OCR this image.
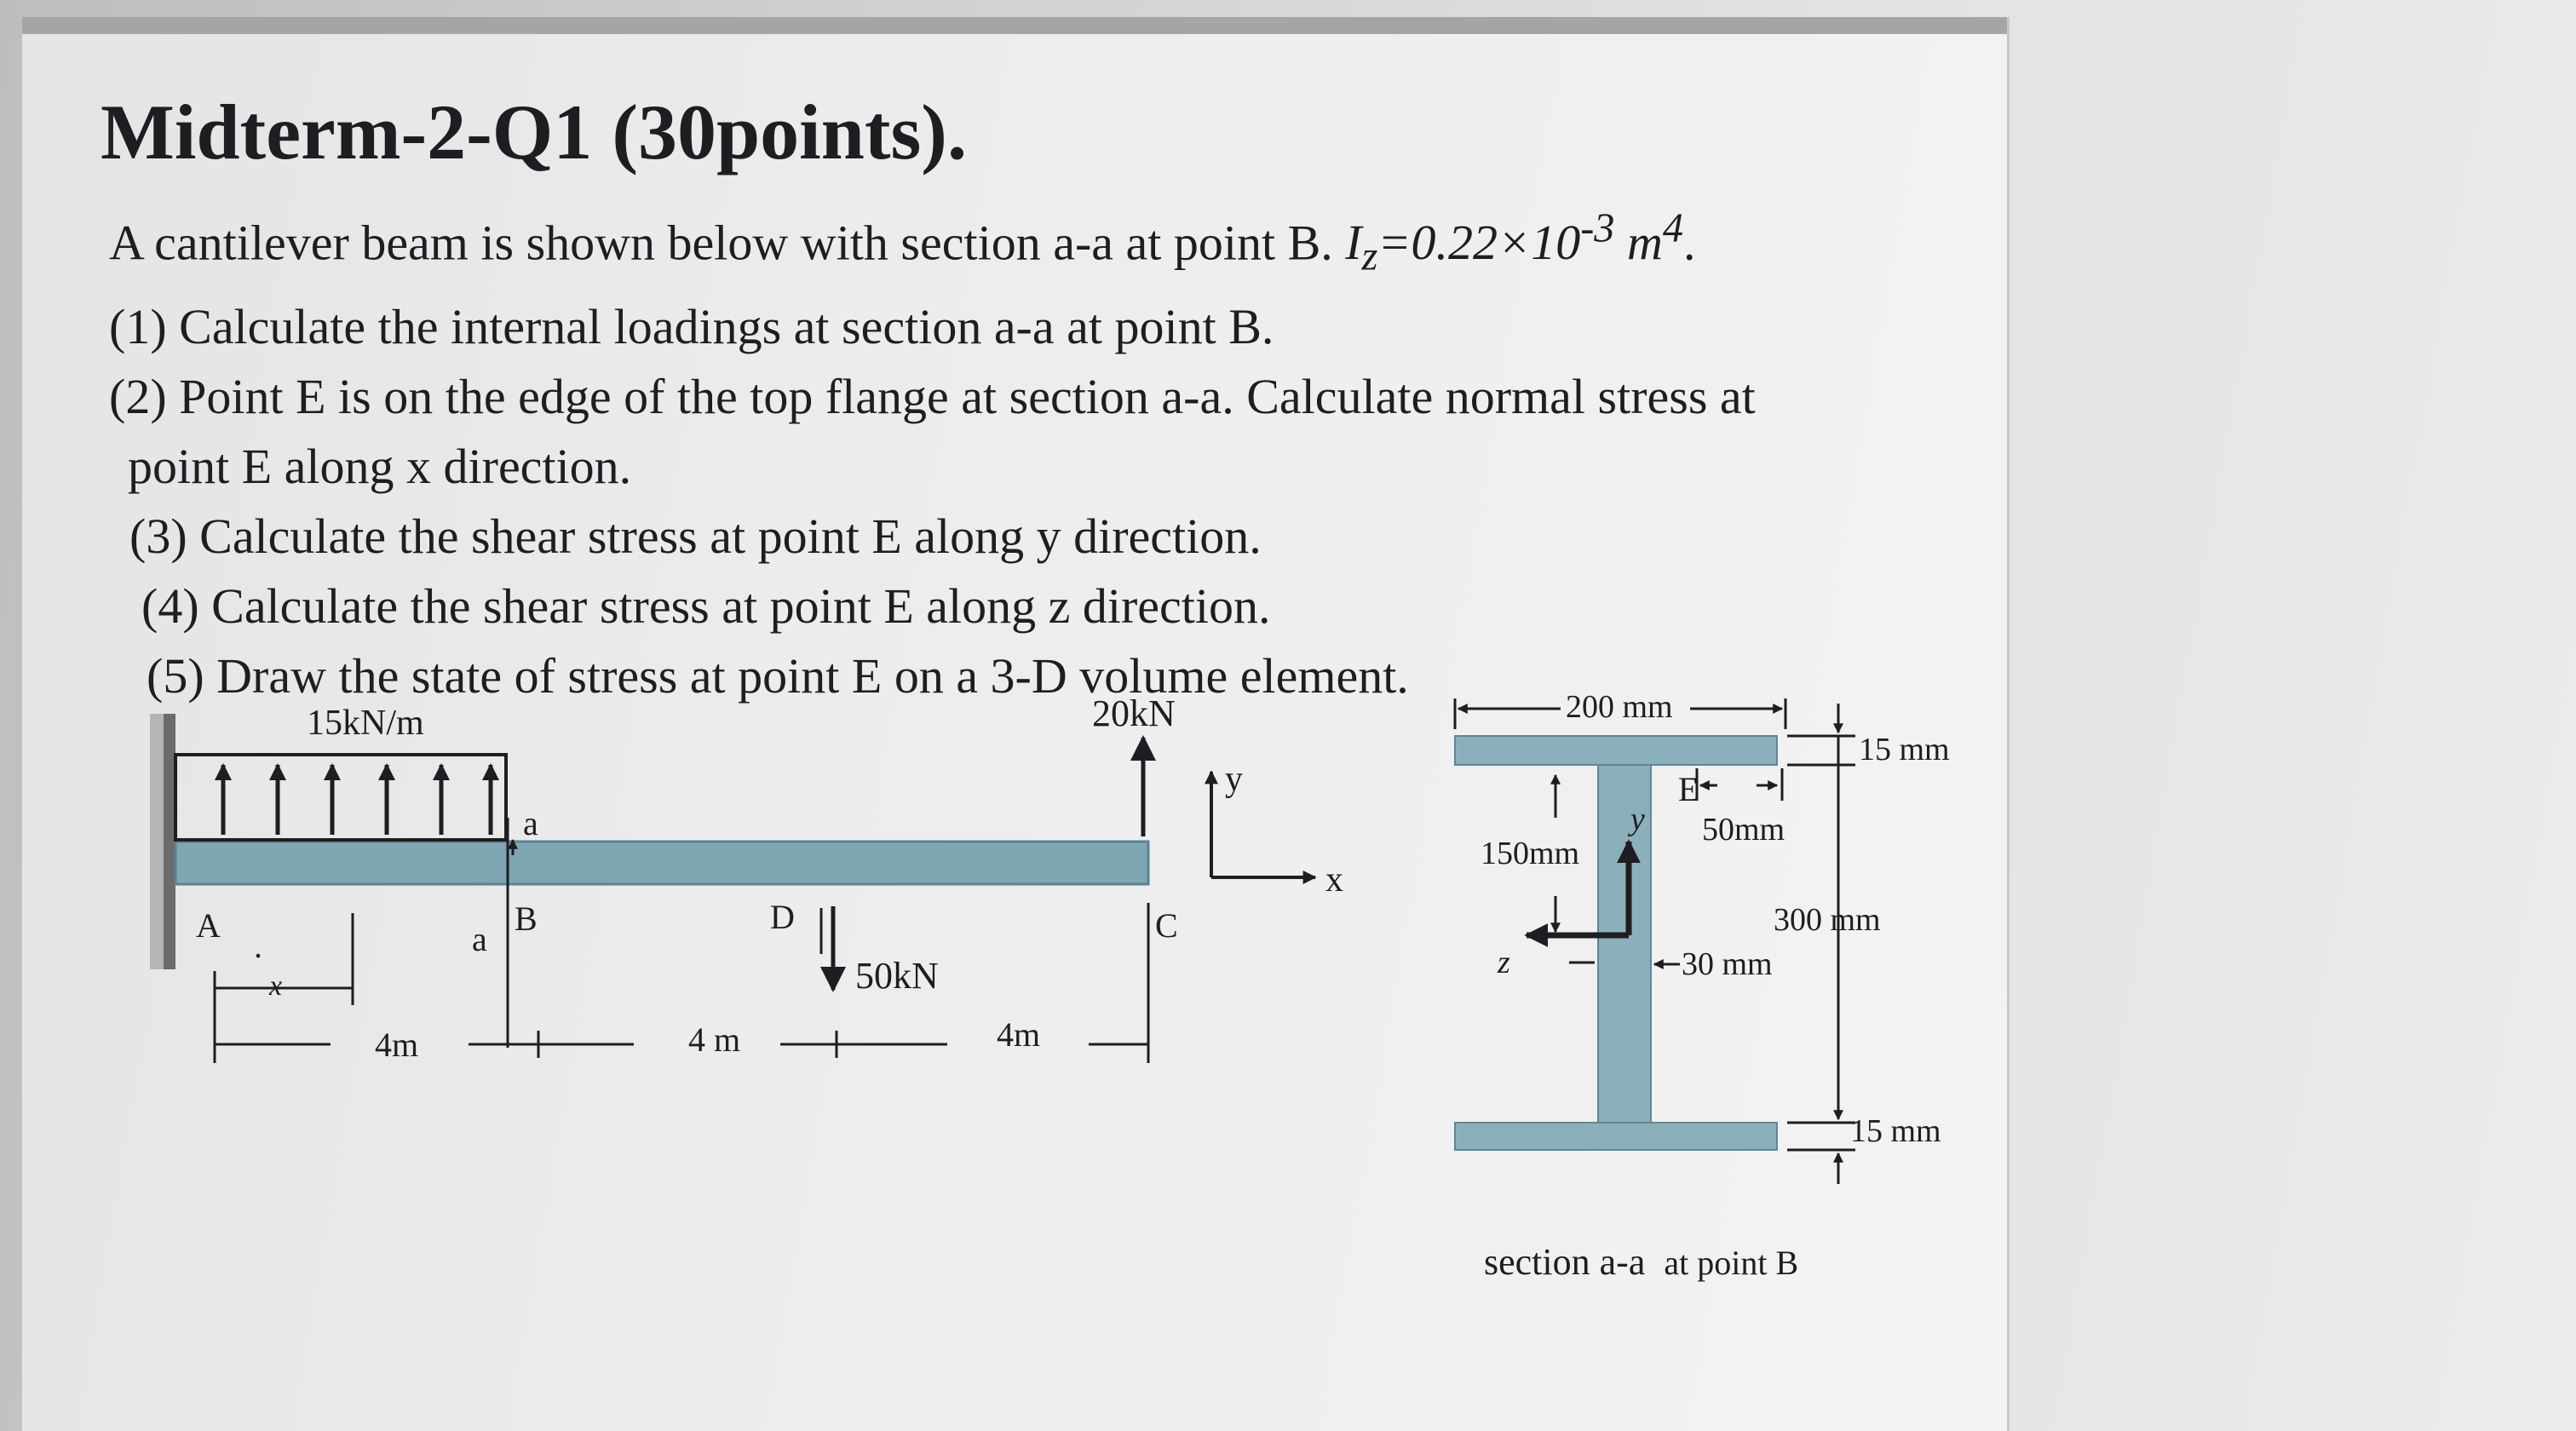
Midterm-2-Q1 (30points).

A cantilever beam is shown below with section a-a at point B. $I_z=0.22\times 10^{-3}$ $m^4$.

(1) Calculate the internal loadings at section a-a at point B.

(2) Point E is on the edge of the top flange at section a-a. Calculate normal stress at

point E along x direction.

(3) Calculate the shear stress at point E along y direction.

(4) Calculate the shear stress at point E along z direction.

(5) Draw the state of stress at point E on a 3-D volume element.

15kN/m
a
a
A
.
B	D	C
50kN
20kN
y
x
x
4m	4 m	4m
200 mm
15 mm
15 mm
300 mm
150mm
y
z	30 mm
E
50mm
section a-a at point B
